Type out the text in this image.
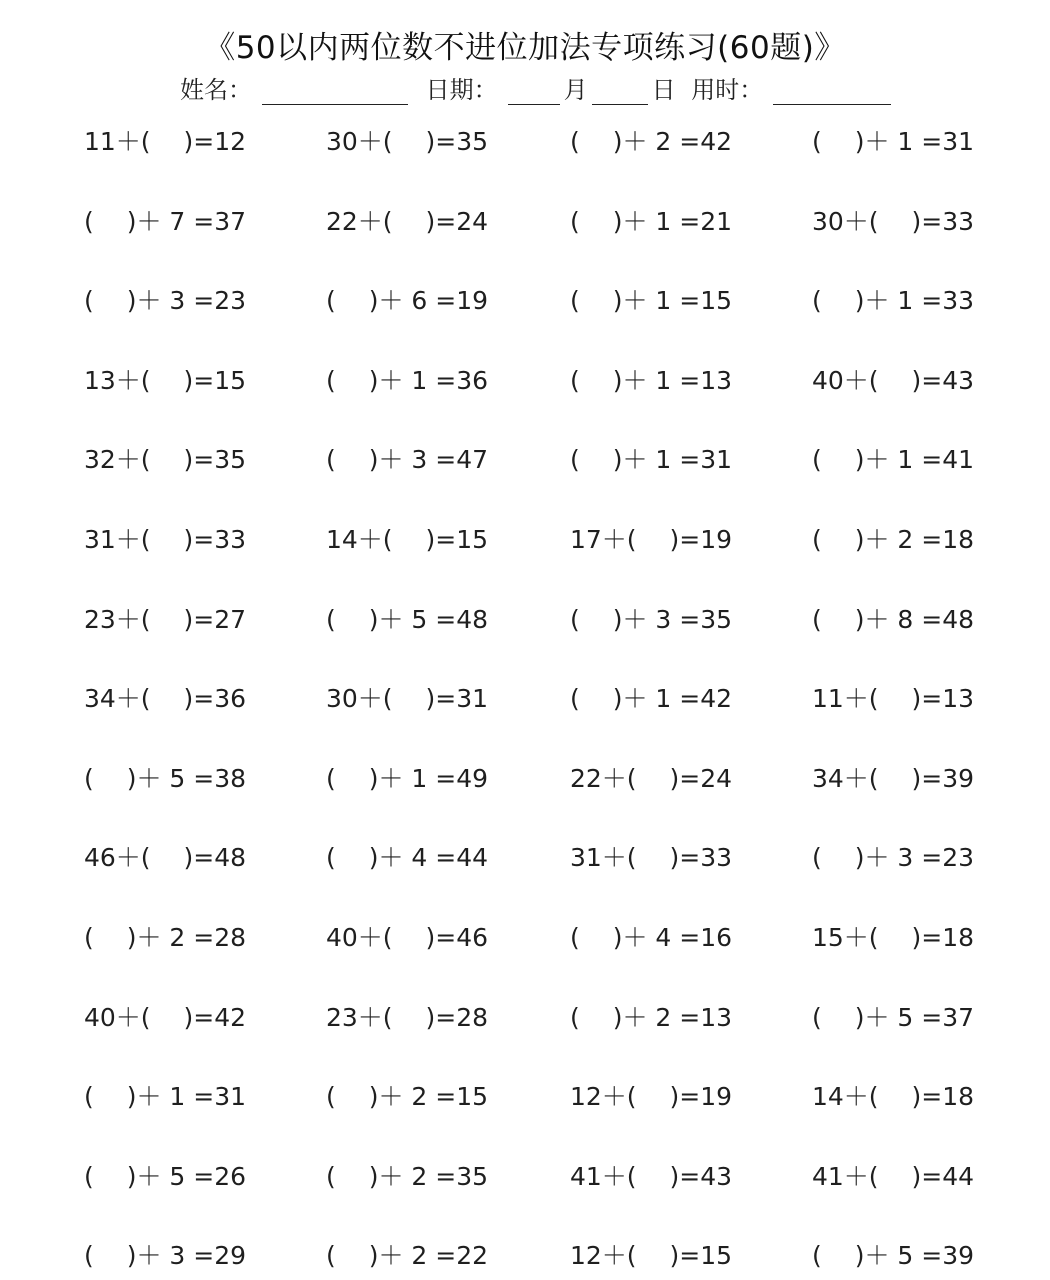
《50以内两位数不进位加法专项练习(60题)》
姓名：	日期：	月	日 用时：
11＋(　 )=12	30＋(　 )=35	(　 )＋ 2 =42	(　 )＋ 1 =31
(　 )＋ 7 =37	22＋(　 )=24	(　 )＋ 1 =21	30＋(　 )=33
(　 )＋ 3 =23	(　 )＋ 6 =19	(　 )＋ 1 =15	(　 )＋ 1 =33
13＋(　 )=15	(　 )＋ 1 =36	(　 )＋ 1 =13	40＋(　 )=43
32＋(　 )=35	(　 )＋ 3 =47	(　 )＋ 1 =31	(　 )＋ 1 =41
31＋(　 )=33	14＋(　 )=15	17＋(　 )=19	(　 )＋ 2 =18
23＋(　 )=27	(　 )＋ 5 =48	(　 )＋ 3 =35	(　 )＋ 8 =48
34＋(　 )=36	30＋(　 )=31	(　 )＋ 1 =42	11＋(　 )=13
(　 )＋ 5 =38	(　 )＋ 1 =49	22＋(　 )=24	34＋(　 )=39
46＋(　 )=48	(　 )＋ 4 =44	31＋(　 )=33	(　 )＋ 3 =23
(　 )＋ 2 =28	40＋(　 )=46	(　 )＋ 4 =16	15＋(　 )=18
40＋(　 )=42	23＋(　 )=28	(　 )＋ 2 =13	(　 )＋ 5 =37
(　 )＋ 1 =31	(　 )＋ 2 =15	12＋(　 )=19	14＋(　 )=18
(　 )＋ 5 =26	(　 )＋ 2 =35	41＋(　 )=43	41＋(　 )=44
(　 )＋ 3 =29	(　 )＋ 2 =22	12＋(　 )=15	(　 )＋ 5 =39
